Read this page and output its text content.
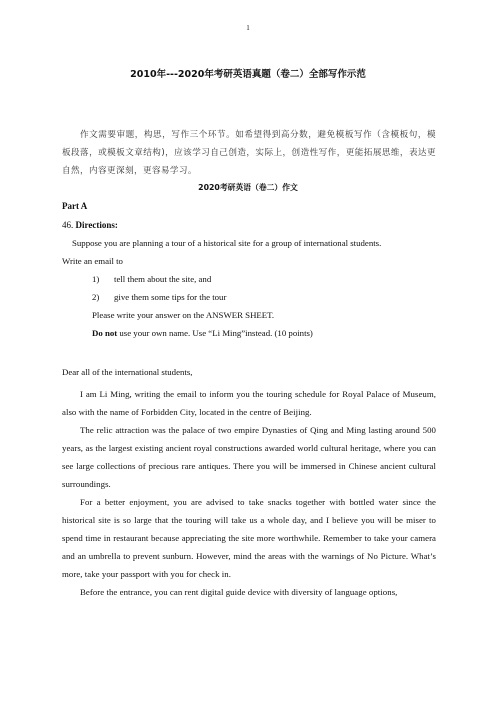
1
2010年---2020年考研英语真题（卷二）全部写作示范
作文需要审题，构思，写作三个环节。如希望得到高分数，避免模板写作（含模板句，模板段落，或模板文章结构)，应该学习自己创造，实际上，创造性写作，更能拓展思维，表达更自然，内容更深刻，更容易学习。
2020考研英语（卷二）作文
Part A
46. Directions:
Suppose you are planning a tour of a historical site for a group of international students.
Write an email to
1) tell them about the site, and
2) give them some tips for the tour
Please write your answer on the ANSWER SHEET.
Do not use your own name. Use “Li Ming”instead. (10 points)
Dear all of the international students,

I am Li Ming, writing the email to inform you the touring schedule for Royal Palace of Museum, also with the name of Forbidden City, located in the centre of Beijing.

The relic attraction was the palace of two empire Dynasties of Qing and Ming lasting around 500 years, as the largest existing ancient royal constructions awarded world cultural heritage, where you can see large collections of precious rare antiques. There you will be immersed in Chinese ancient cultural surroundings.

For a better enjoyment, you are advised to take snacks together with bottled water since the historical site is so large that the touring will take us a whole day, and I believe you will be miser to spend time in restaurant because appreciating the site more worthwhile. Remember to take your camera and an umbrella to prevent sunburn. However, mind the areas with the warnings of No Picture. What’s more, take your passport with you for check in.

Before the entrance, you can rent digital guide device with diversity of language options,
